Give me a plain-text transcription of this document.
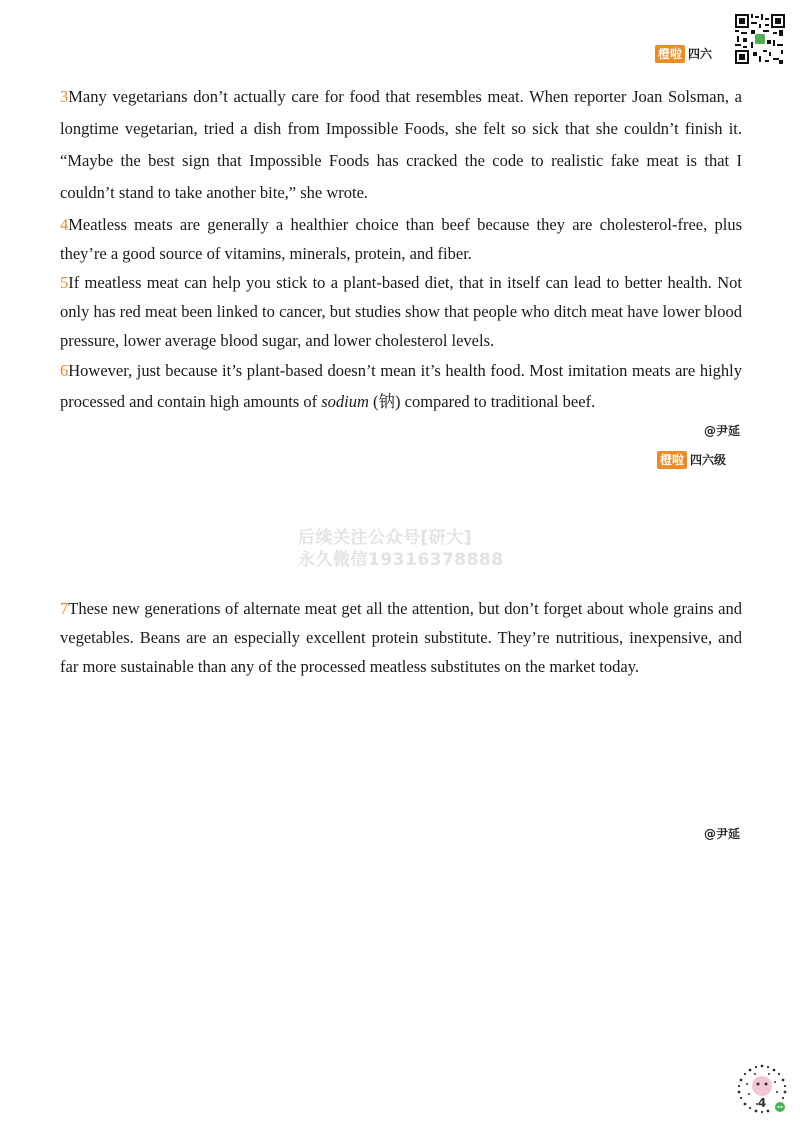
橙啦 四六

3Many vegetarians don’t actually care for food that resembles meat. When reporter Joan Solsman, a longtime vegetarian, tried a dish from Impossible Foods, she felt so sick that she couldn’t finish it. “Maybe the best sign that Impossible Foods has cracked the code to realistic fake meat is that I couldn’t stand to take another bite,” she wrote.

4Meatless meats are generally a healthier choice than beef because they are cholesterol-free, plus they’re a good source of vitamins, minerals, protein, and fiber.

5If meatless meat can help you stick to a plant-based diet, that in itself can lead to better health. Not only has red meat been linked to cancer, but studies show that people who ditch meat have lower blood pressure, lower average blood sugar, and lower cholesterol levels.

6However, just because it’s plant-based doesn’t mean it’s health food. Most imitation meats are highly processed and contain high amounts of sodium (钠) compared to traditional beef.

@尹延
橙啦 四六级
后续关注公众号[研大]
永久微信19316378888

7These new generations of alternate meat get all the attention, but don’t forget about whole grains and vegetables. Beans are an especially excellent protein substitute. They’re nutritious, inexpensive, and far more sustainable than any of the processed meatless substitutes on the market today.

@尹延
4
